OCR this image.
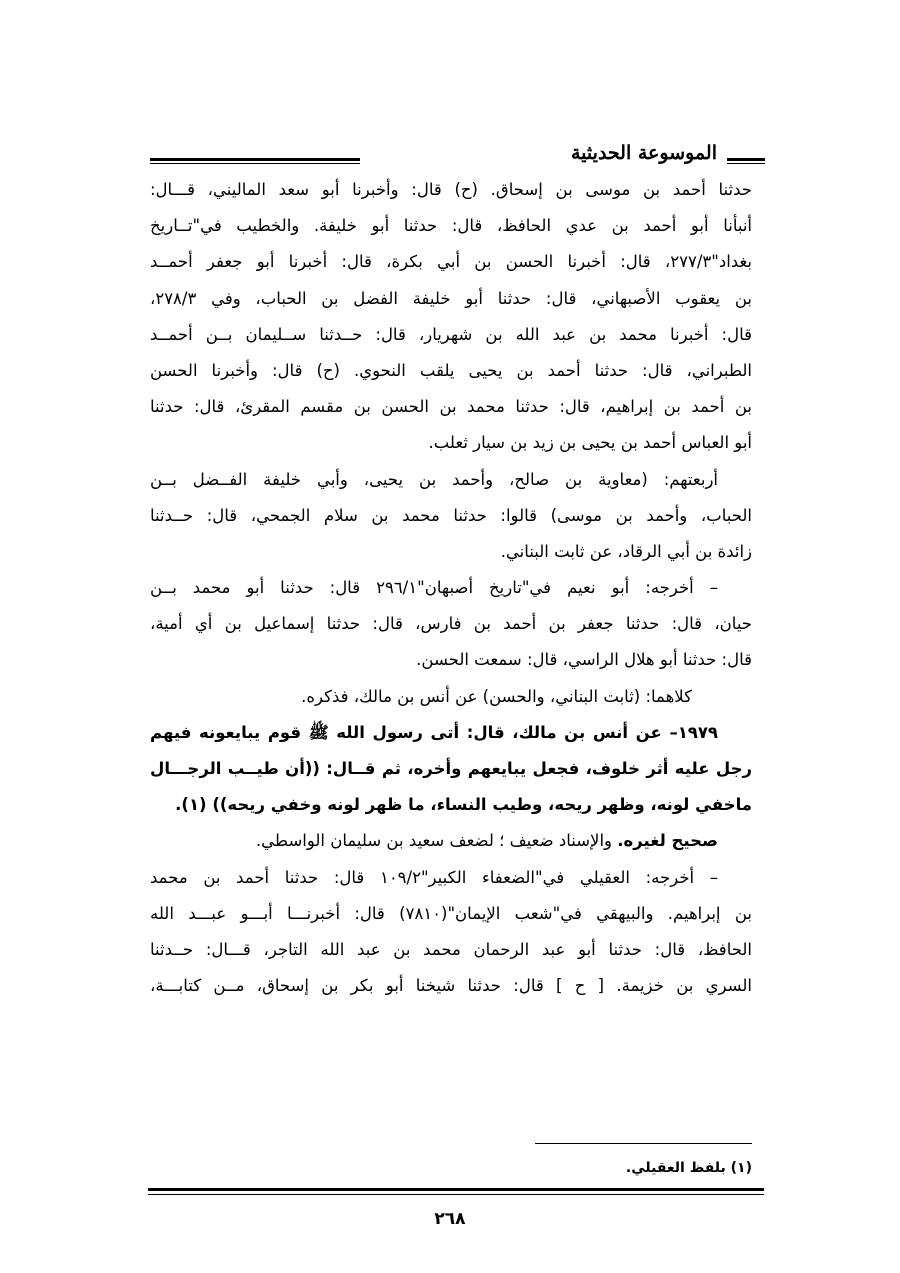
الموسوعة الحديثية
حدثنا أحمد بن موسى بن إسحاق. (ح) قال: وأخبرنا أبو سعد الماليني، قـــال:
أنبأنا أبو أحمد بن عدي الحافظ، قال: حدثنا أبو خليفة. والخطيب في"تــاريخ
بغداد"٢٧٧/٣، قال: أخبرنا الحسن بن أبي بكرة، قال: أخبرنا أبو جعفر أحمــد
بن يعقوب الأصبهاني، قال: حدثنا أبو خليفة الفضل بن الحباب، وفي ٢٧٨/٣،
قال: أخبرنا محمد بن عبد الله بن شهريار، قال: حــدثنا ســليمان بــن أحمــد
الطبراني، قال: حدثنا أحمد بن يحيى يلقب النحوي. (ح) قال: وأخبرنا الحسن
بن أحمد بن إبراهيم، قال: حدثنا محمد بن الحسن بن مقسم المقرئ، قال: حدثنا
أبو العباس أحمد بن يحيى بن زيد بن سيار ثعلب.
أربعتهم: (معاوية بن صالح، وأحمد بن يحيى، وأبي خليفة الفــضل بــن
الحباب، وأحمد بن موسى) قالوا: حدثنا محمد بن سلام الجمحي، قال: حــدثنا
زائدة بن أبي الرقاد، عن ثابت البناني.
– أخرجه: أبو نعيم في"تاريخ أصبهان"٢٩٦/١ قال: حدثنا أبو محمد بــن
حيان، قال: حدثنا جعفر بن أحمد بن فارس، قال: حدثنا إسماعيل بن أي أمية،
قال: حدثنا أبو هلال الراسي، قال: سمعت الحسن.
كلاهما: (ثابت البناني، والحسن) عن أنس بن مالك، فذكره.
١٩٧٩– عن أنس بن مالك، قال: أتى رسول الله ﷺ قوم يبايعونه فيهم
رجل عليه أثر خلوف، فجعل يبايعهم وأخره، ثم قــال: ((أن طيــب الرجـــال
ماخفي لونه، وظهر ريحه، وطيب النساء، ما ظهر لونه وخفي ريحه)) (١).
صحيح لغيره. والإسناد ضعيف ؛ لضعف سعيد بن سليمان الواسطي.
– أخرجه: العقيلي في"الضعفاء الكبير"١٠٩/٢ قال: حدثنا أحمد بن محمد
بن إبراهيم. والبيهقي في"شعب الإيمان"(٧٨١٠) قال: أخبرنـــا أبـــو عبـــد الله
الحافظ، قال: حدثنا أبو عبد الرحمان محمد بن عبد الله التاجر، قـــال: حــدثنا
السري بن خزيمة. [ ح ] قال: حدثنا شيخنا أبو بكر بن إسحاق، مــن كتابـــة،
(١) بلفظ العقيلي.
٢٦٨
